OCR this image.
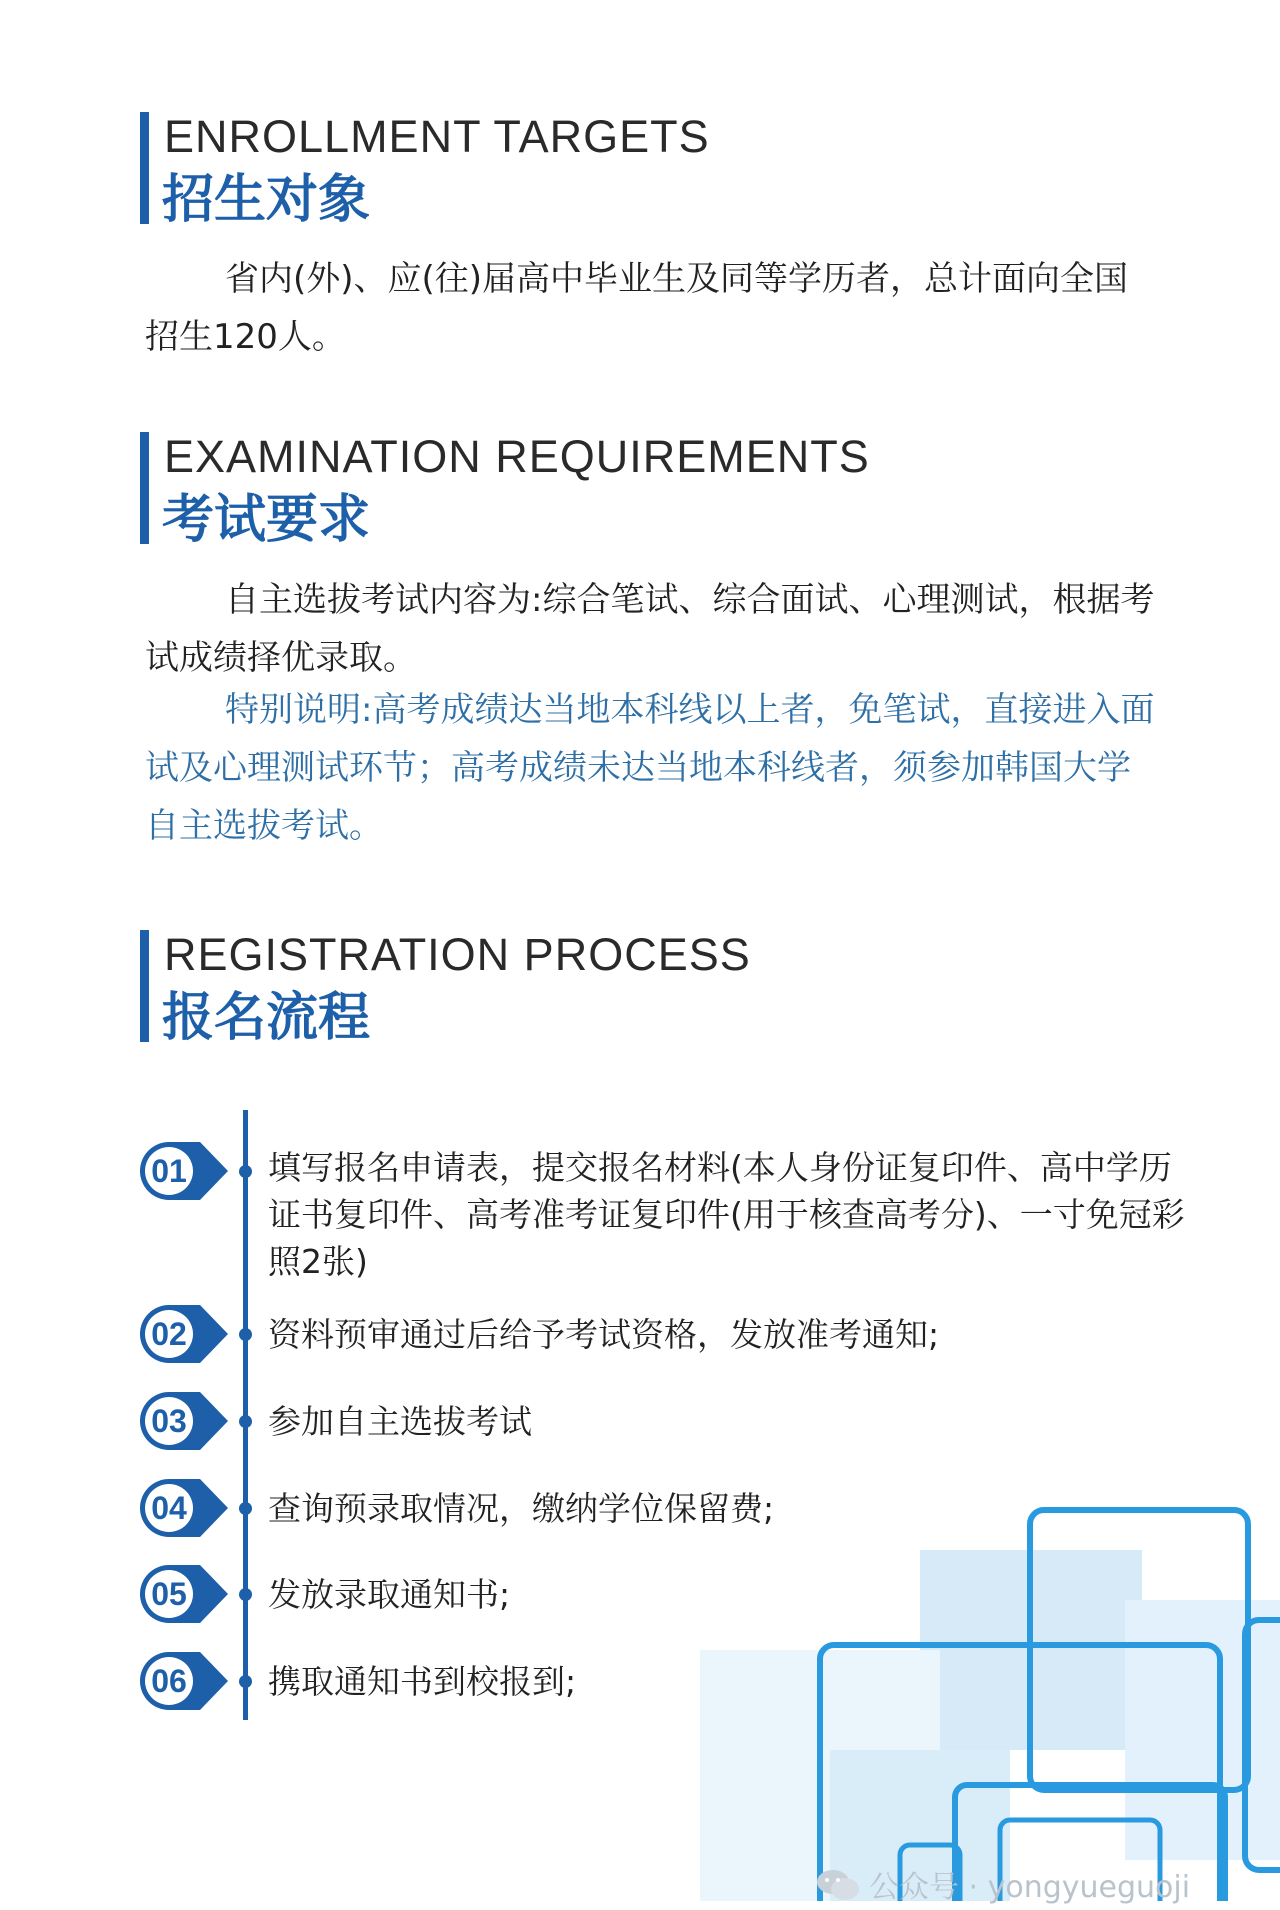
ENROLLMENT TARGETS
招生对象
省内(外)、应(往)届高中毕业生及同等学历者，总计面向全国招生120人。
EXAMINATION REQUIREMENTS
考试要求
自主选拔考试内容为:综合笔试、综合面试、心理测试，根据考试成绩择优录取。
特别说明:高考成绩达当地本科线以上者，免笔试，直接进入面试及心理测试环节；高考成绩未达当地本科线者，须参加韩国大学自主选拔考试。
REGISTRATION PROCESS
报名流程
01	填写报名申请表，提交报名材料(本人身份证复印件、高中学历证书复印件、高考准考证复印件(用于核查高考分)、一寸免冠彩照2张)
02	资料预审通过后给予考试资格，发放准考通知;
03	参加自主选拔考试
04	查询预录取情况，缴纳学位保留费;
05	发放录取通知书;
06	携取通知书到校报到;
公众号 · yongyueguoji
